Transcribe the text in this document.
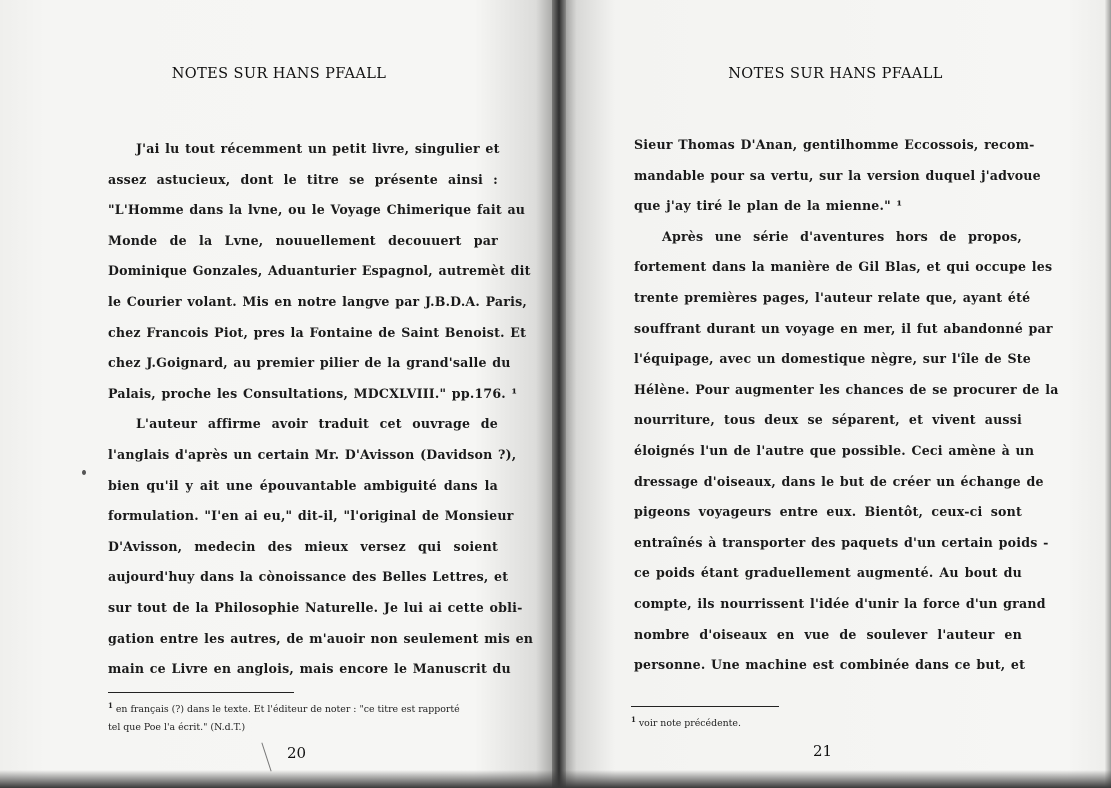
NOTES SUR HANS PFAALL
J'ai lu tout récemment un petit livre, singulier et
assez astucieux, dont le titre se présente ainsi :
"L'Homme dans la lvne, ou le Voyage Chimerique fait au
Monde de la Lvne, nouuellement decouuert par
Dominique Gonzales, Aduanturier Espagnol, autremèt dit
le Courier volant. Mis en notre langve par J.B.D.A. Paris,
chez Francois Piot, pres la Fontaine de Saint Benoist. Et
chez J.Goignard, au premier pilier de la grand'salle du
Palais, proche les Consultations, MDCXLVIII." pp.176. ¹
L'auteur affirme avoir traduit cet ouvrage de
l'anglais d'après un certain Mr. D'Avisson (Davidson ?),
bien qu'il y ait une épouvantable ambiguité dans la
formulation. "I'en ai eu," dit-il, "l'original de Monsieur
D'Avisson, medecin des mieux versez qui soient
aujourd'huy dans la cònoissance des Belles Lettres, et
sur tout de la Philosophie Naturelle. Je lui ai cette obli-
gation entre les autres, de m'auoir non seulement mis en
main ce Livre en anglois, mais encore le Manuscrit du
$^1$ en français (?) dans le texte. Et l'éditeur de noter : "ce titre est rapporté
tel que Poe l'a écrit." (N.d.T.)
20
NOTES SUR HANS PFAALL
Sieur Thomas D'Anan, gentilhomme Eccossois, recom-
mandable pour sa vertu, sur la version duquel j'advoue
que j'ay tiré le plan de la mienne." ¹
Après une série d'aventures hors de propos,
fortement dans la manière de Gil Blas, et qui occupe les
trente premières pages, l'auteur relate que, ayant été
souffrant durant un voyage en mer, il fut abandonné par
l'équipage, avec un domestique nègre, sur l'île de Ste
Hélène. Pour augmenter les chances de se procurer de la
nourriture, tous deux se séparent, et vivent aussi
éloignés l'un de l'autre que possible. Ceci amène à un
dressage d'oiseaux, dans le but de créer un échange de
pigeons voyageurs entre eux. Bientôt, ceux-ci sont
entraînés à transporter des paquets d'un certain poids -
ce poids étant graduellement augmenté. Au bout du
compte, ils nourrissent l'idée d'unir la force d'un grand
nombre d'oiseaux en vue de soulever l'auteur en
personne. Une machine est combinée dans ce but, et
$^1$ voir note précédente.
21
